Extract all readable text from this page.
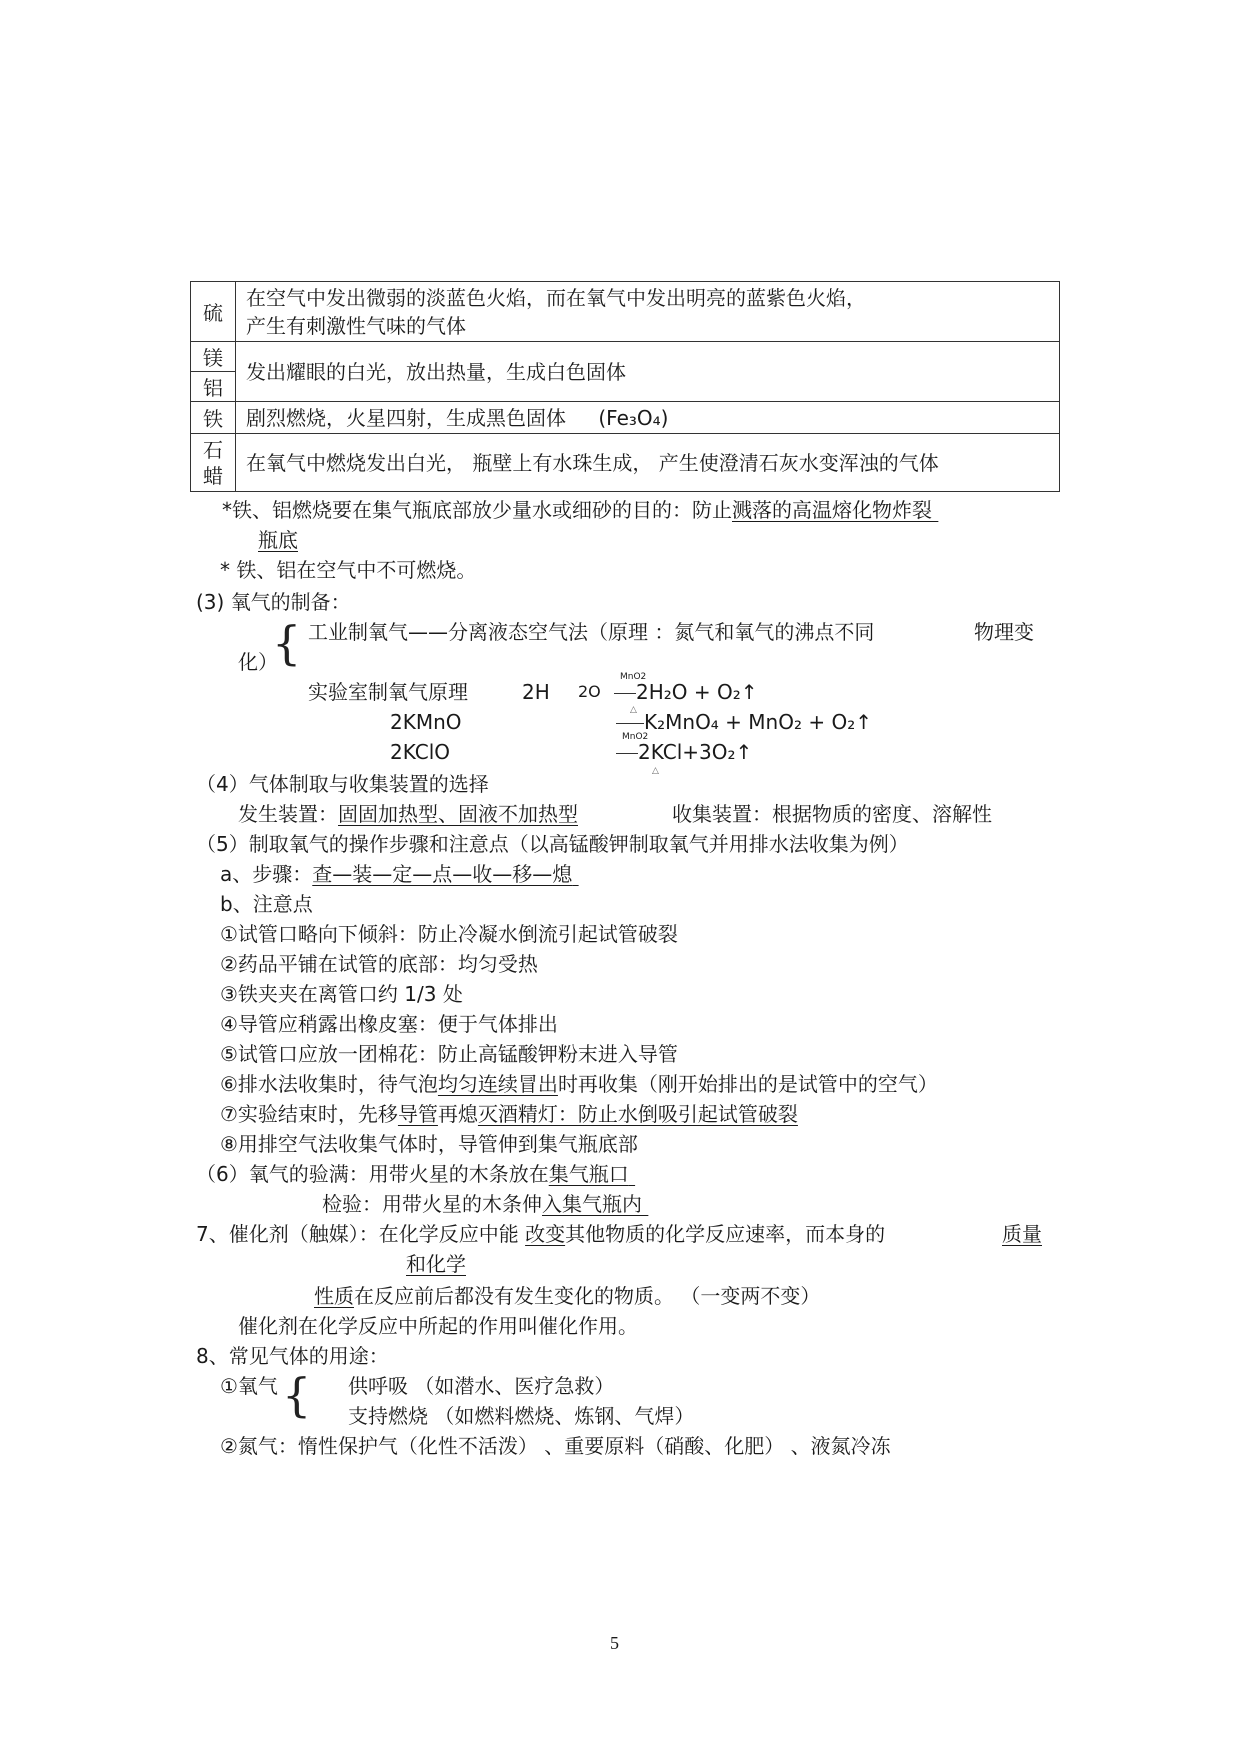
硫	在空气中发出微弱的淡蓝色火焰，而在氧气中发出明亮的蓝紫色火焰，
产生有刺激性气味的气体

镁	发出耀眼的白光，放出热量，生成白色固体
铝	
铁	剧烈燃烧，火星四射，生成黑色固体 (Fe₃O₄)

石
蜡	在氧气中燃烧发出白光， 瓶壁上有水珠生成， 产生使澄清石灰水变浑浊的气体
*铁、铝燃烧要在集气瓶底部放少量水或细砂的目的：防止溅落的高温熔化物炸裂
瓶底
* 铁、铝在空气中不可燃烧。
(3) 氧气的制备：
{ 工业制氧气——分离液态空气法（原理 ：氮气和氧气的沸点不同	物理变
化）
实验室制氧气原理	2H 2O
MnO2
2H₂O + O₂↑
2KMnO	K₂MnO₄ + MnO₂ + O₂↑
△
2KClO
MnO2
2KCl+3O₂↑
△
（4）气体制取与收集装置的选择
发生装置：固固加热型、固液不加热型	收集装置：根据物质的密度、溶解性
（5）制取氧气的操作步骤和注意点（以高锰酸钾制取氧气并用排水法收集为例）
a、步骤：查—装—定—点—收—移—熄
b、注意点
①试管口略向下倾斜：防止冷凝水倒流引起试管破裂
②药品平铺在试管的底部：均匀受热
③铁夹夹在离管口约 1/3 处
④导管应稍露出橡皮塞：便于气体排出
⑤试管口应放一团棉花：防止高锰酸钾粉末进入导管
⑥排水法收集时，待气泡均匀连续冒出时再收集（刚开始排出的是试管中的空气）
⑦实验结束时，先移导管再熄灭酒精灯：防止水倒吸引起试管破裂
⑧用排空气法收集气体时，导管伸到集气瓶底部
（6）氧气的验满：用带火星的木条放在集气瓶口
检验：用带火星的木条伸入集气瓶内
7、催化剂（触媒）：在化学反应中能 改变其他物质的化学反应速率，而本身的	质量
和化学
性质在反应前后都没有发生变化的物质。 （一变两不变）
催化剂在化学反应中所起的作用叫催化作用。
8、常见气体的用途：
①氧气 { 供呼吸 （如潜水、医疗急救）
支持燃烧 （如燃料燃烧、炼钢、气焊）
②氮气：惰性保护气（化性不活泼） 、重要原料（硝酸、化肥） 、液氮冷冻
5
